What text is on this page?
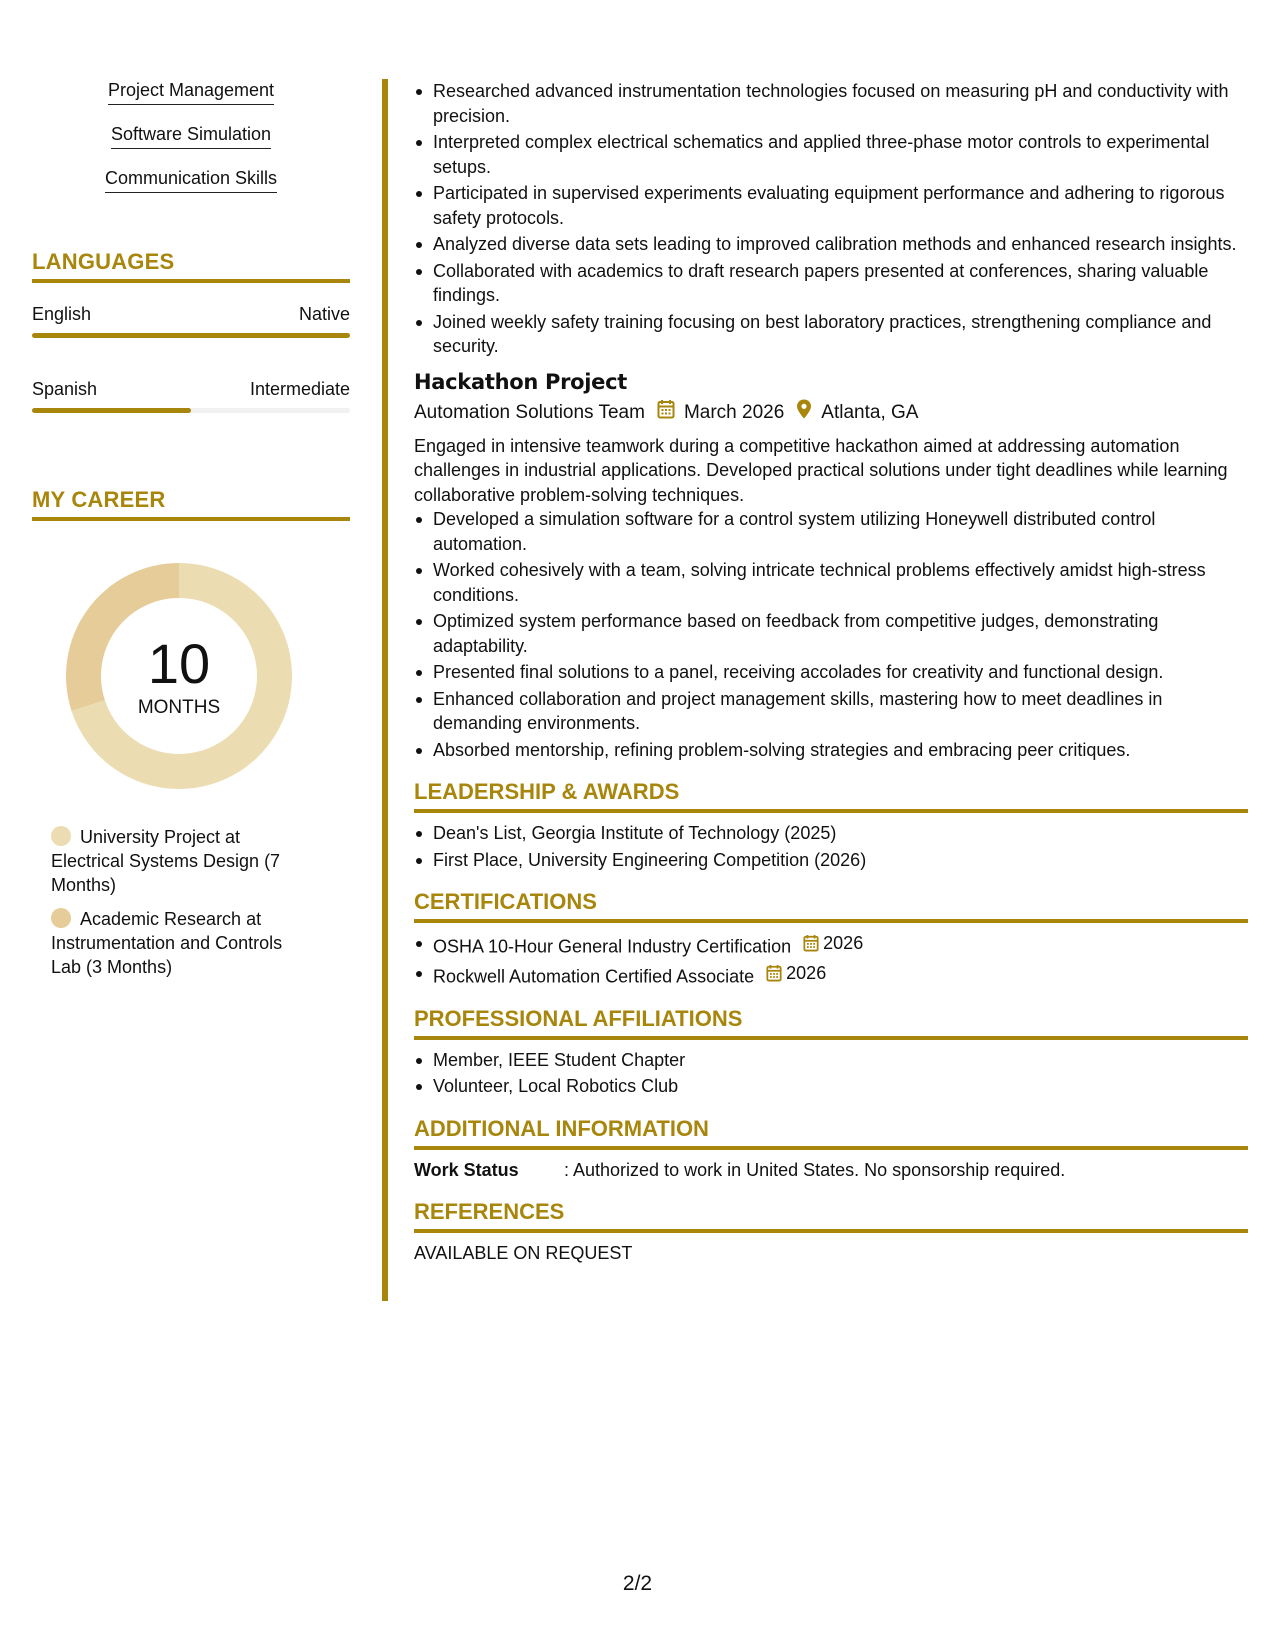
Project Management
Software Simulation
Communication Skills
LANGUAGES
English	Native
Spanish	Intermediate
MY CAREER
10
MONTHS
University Project at Electrical Systems Design (7 Months)
Academic Research at Instrumentation and Controls Lab (3 Months)
Researched advanced instrumentation technologies focused on measuring pH and conductivity with precision.
Interpreted complex electrical schematics and applied three-phase motor controls to experimental setups.
Participated in supervised experiments evaluating equipment performance and adhering to rigorous safety protocols.
Analyzed diverse data sets leading to improved calibration methods and enhanced research insights.
Collaborated with academics to draft research papers presented at conferences, sharing valuable findings.
Joined weekly safety training focusing on best laboratory practices, strengthening compliance and security.
Hackathon Project
Automation Solutions Team March 2026 Atlanta, GA
Engaged in intensive teamwork during a competitive hackathon aimed at addressing automation challenges in industrial applications. Developed practical solutions under tight deadlines while learning collaborative problem-solving techniques.
Developed a simulation software for a control system utilizing Honeywell distributed control automation.
Worked cohesively with a team, solving intricate technical problems effectively amidst high-stress conditions.
Optimized system performance based on feedback from competitive judges, demonstrating adaptability.
Presented final solutions to a panel, receiving accolades for creativity and functional design.
Enhanced collaboration and project management skills, mastering how to meet deadlines in demanding environments.
Absorbed mentorship, refining problem-solving strategies and embracing peer critiques.
LEADERSHIP & AWARDS
Dean's List, Georgia Institute of Technology (2025)
First Place, University Engineering Competition (2026)
CERTIFICATIONS
OSHA 10-Hour General Industry Certification 2026
Rockwell Automation Certified Associate 2026
PROFESSIONAL AFFILIATIONS
Member, IEEE Student Chapter
Volunteer, Local Robotics Club
ADDITIONAL INFORMATION
Work Status	: Authorized to work in United States. No sponsorship required.
REFERENCES
AVAILABLE ON REQUEST
2/2
